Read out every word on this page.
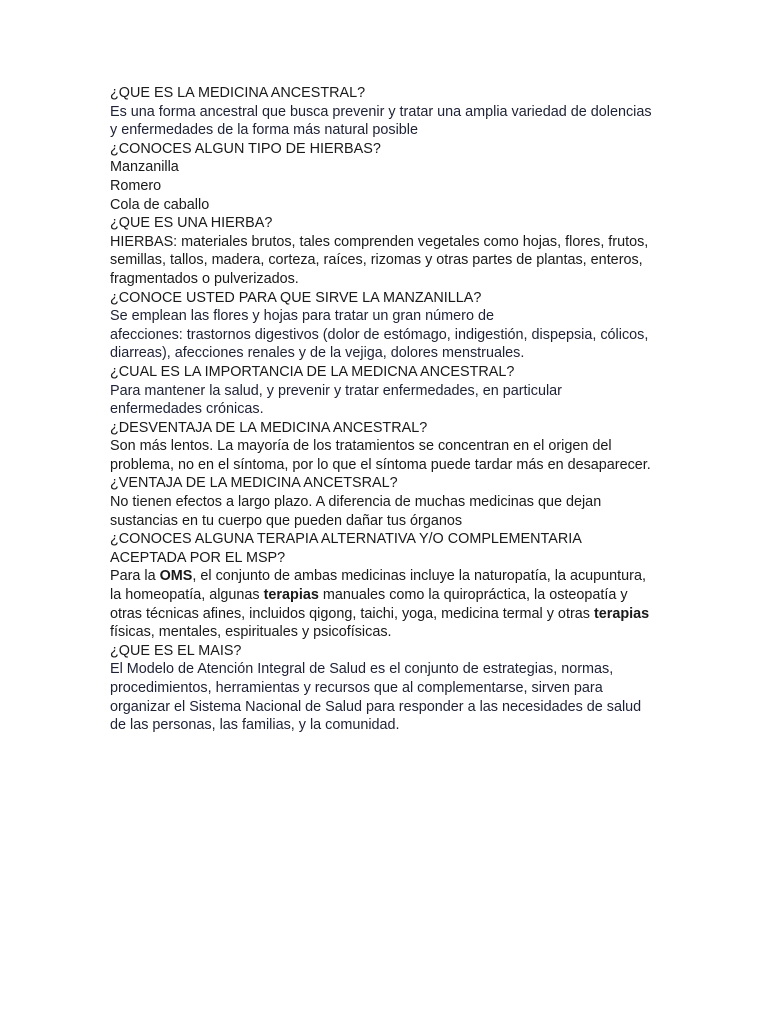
¿QUE ES LA MEDICINA ANCESTRAL?

Es una forma ancestral que busca prevenir y tratar una amplia variedad de dolencias y enfermedades de la forma más natural posible

¿CONOCES ALGUN TIPO DE HIERBAS?

Manzanilla

Romero

Cola de caballo

¿QUE ES UNA HIERBA?

HIERBAS: materiales brutos, tales comprenden vegetales como hojas, flores, frutos, semillas, tallos, madera, corteza, raíces, rizomas y otras partes de plantas, enteros, fragmentados o pulverizados.

¿CONOCE USTED PARA QUE SIRVE LA MANZANILLA?

Se emplean las flores y hojas para tratar un gran número de
afecciones: trastornos digestivos (dolor de estómago, indigestión, dispepsia, cólicos, diarreas), afecciones renales y de la vejiga, dolores menstruales.

¿CUAL ES LA IMPORTANCIA DE LA MEDICNA ANCESTRAL?

Para mantener la salud, y prevenir y tratar enfermedades, en particular enfermedades crónicas.

¿DESVENTAJA DE LA MEDICINA ANCESTRAL?

Son más lentos. La mayoría de los tratamientos se concentran en el origen del problema, no en el síntoma, por lo que el síntoma puede tardar más en desaparecer.

¿VENTAJA DE LA MEDICINA ANCETSRAL?

No tienen efectos a largo plazo. A diferencia de muchas medicinas que dejan sustancias en tu cuerpo que pueden dañar tus órganos

¿CONOCES ALGUNA TERAPIA ALTERNATIVA Y/O COMPLEMENTARIA ACEPTADA POR EL MSP?

Para la OMS, el conjunto de ambas medicinas incluye la naturopatía, la acupuntura, la homeopatía, algunas terapias manuales como la quiropráctica, la osteopatía y otras técnicas afines, incluidos qigong, taichi, yoga, medicina termal y otras terapias físicas, mentales, espirituales y psicofísicas.

¿QUE ES EL MAIS?

El Modelo de Atención Integral de Salud es el conjunto de estrategias, normas, procedimientos, herramientas y recursos que al complementarse, sirven para organizar el Sistema Nacional de Salud para responder a las necesidades de salud de las personas, las familias, y la comunidad.
